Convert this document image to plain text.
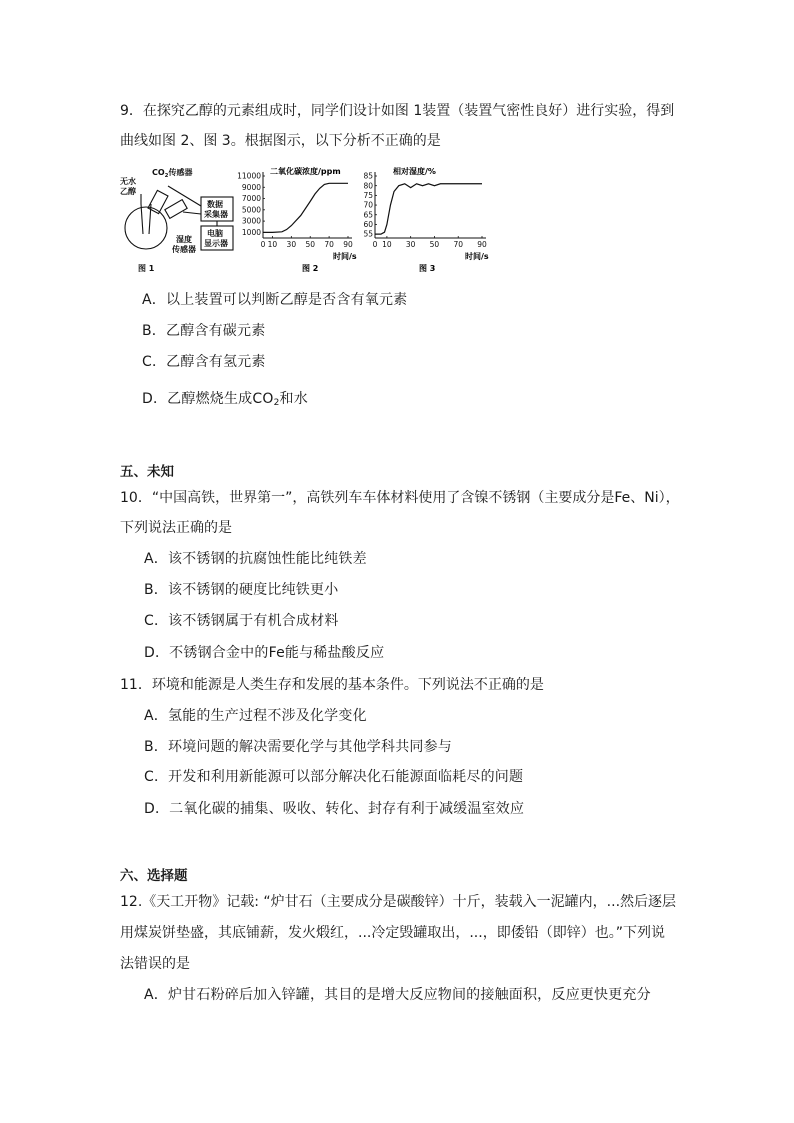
9．在探究乙醇的元素组成时，同学们设计如图 1装置（装置气密性良好）进行实验，得到
曲线如图 2、图 3。根据图示，以下分析不正确的是
无水
乙醇
$CO_2$传感器
数据
采集器
电脑
显示器
湿度
传感器
图 1
0 10 30 50 70 90
1000
3000
5000
7000
9000
11000
二氧化碳浓度/ppm
时间/s
图 2
0 10 30 50 70 90
55
60
65
70
75
80
85
相对湿度/%
时间/s
图 3
A．以上装置可以判断乙醇是否含有氧元素
B．乙醇含有碳元素
C．乙醇含有氢元素
D．乙醇燃烧生成$CO_2$和水
五、未知
10．“中国高铁，世界第一”，高铁列车车体材料使用了含镍不锈钢（主要成分是Fe、Ni），
下列说法正确的是
A．该不锈钢的抗腐蚀性能比纯铁差
B．该不锈钢的硬度比纯铁更小
C．该不锈钢属于有机合成材料
D．不锈钢合金中的Fe能与稀盐酸反应
11．环境和能源是人类生存和发展的基本条件。下列说法不正确的是
A．氢能的生产过程不涉及化学变化
B．环境问题的解决需要化学与其他学科共同参与
C．开发和利用新能源可以部分解决化石能源面临耗尽的问题
D．二氧化碳的捕集、吸收、转化、封存有利于减缓温室效应
六、选择题
12.《天工开物》记载: “炉甘石（主要成分是碳酸锌）十斤，装载入一泥罐内，...然后逐层
用煤炭饼垫盛，其底铺薪，发火煅红，...冷定毁罐取出，...，即倭铅（即锌）也。”下列说
法错误的是
A．炉甘石粉碎后加入锌罐，其目的是增大反应物间的接触面积，反应更快更充分
